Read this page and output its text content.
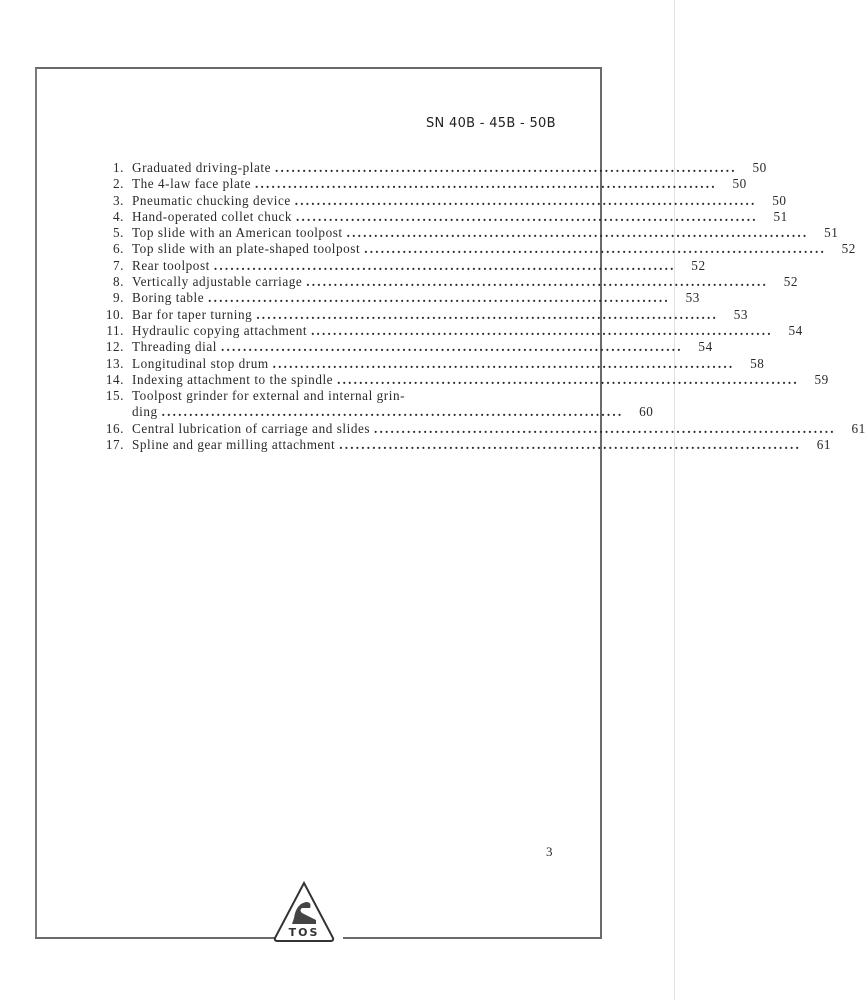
SN 40B - 45B - 50B
1. Graduated driving-plate ....................................................................................	50
2. The 4-law face plate ....................................................................................	50
3. Pneumatic chucking device ....................................................................................	50
4. Hand-operated collet chuck ....................................................................................	51
5. Top slide with an American toolpost ....................................................................................	51
6. Top slide with an plate-shaped toolpost ....................................................................................	52
7. Rear toolpost ....................................................................................	52
8. Vertically adjustable carriage ....................................................................................	52
9. Boring table ....................................................................................	53
10. Bar for taper turning ....................................................................................	53
11. Hydraulic copying attachment ....................................................................................	54
12. Threading dial ....................................................................................	54
13. Longitudinal stop drum ....................................................................................	58
14. Indexing attachment to the spindle ....................................................................................	59
15. Toolpost grinder for external and internal grin-
ding ....................................................................................	60
16. Central lubrication of carriage and slides ....................................................................................	61
17. Spline and gear milling attachment ....................................................................................	61
3
TOS
